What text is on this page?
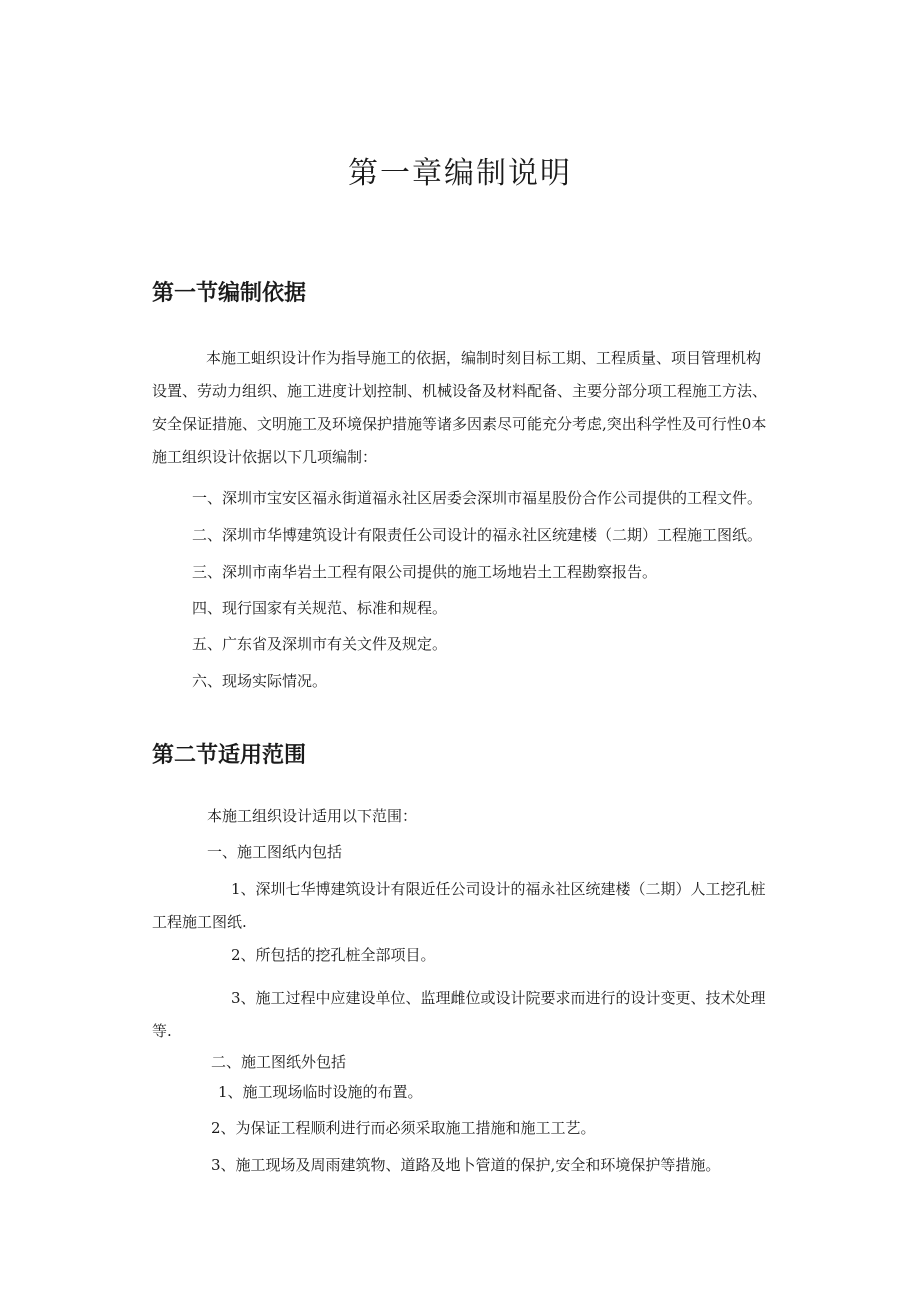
第一章编制说明
第一节编制依据

本施工蛆织设计作为指导施工的依据，编制时刻目标工期、工程质量、项目管理机构设置、劳动力组织、施工进度计划控制、机械设备及材料配备、主要分部分项工程施工方法、安全保证措施、文明施工及环境保护措施等诸多因素尽可能充分考虑,突出科学性及可行性0本施工组织设计依据以下几项编制：

一、深圳市宝安区福永街道福永社区居委会深圳市福星股份合作公司提供的工程文件。

二、深圳市华博建筑设计有限责任公司设计的福永社区统建楼（二期）工程施工图纸。

三、深圳市南华岩土工程有限公司提供的施工场地岩土工程勘察报告。

四、现行国家有关规范、标准和规程。

五、广东省及深圳市有关文件及规定。

六、现场实际情况。

第二节适用范围

本施工组织设计适用以下范围：

一、施工图纸内包括

1、深圳七华博建筑设计有限近任公司设计的福永社区统建楼（二期）人工挖孔桩工程施工图纸.

2、所包括的挖孔桩全部项目。

3、施工过程中应建设单位、监理雌位或设计院要求而进行的设计变更、技术处理等.

二、施工图纸外包括

1、施工现场临时设施的布置。

2、为保证工程顺利进行而必须采取施工措施和施工工艺。

3、施工现场及周雨建筑物、道路及地卜管道的保护,安全和环境保护等措施。
